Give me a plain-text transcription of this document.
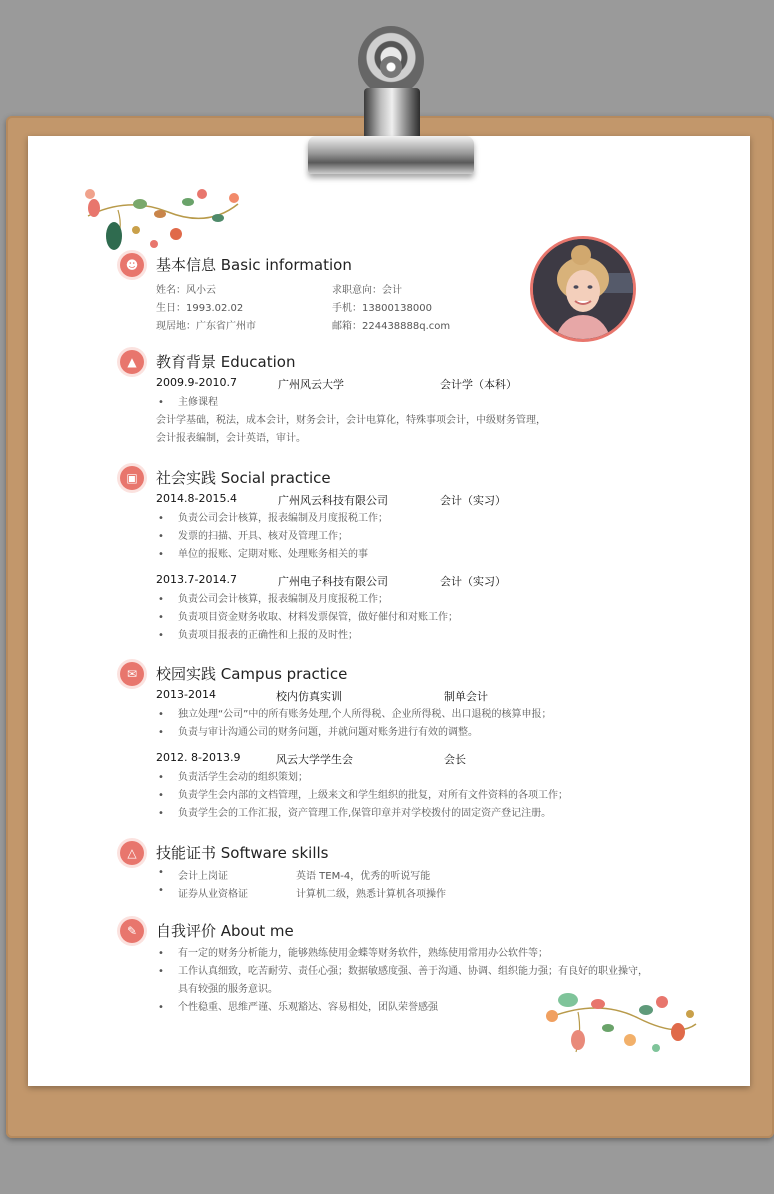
☻	基本信息 Basic information
姓名：风小云	求职意向：会计
生日：1993.02.02	手机：13800138000
现居地：广东省广州市	邮箱：224438888q.com
▲	教育背景 Education
2009.9-2010.7	广州风云大学	会计学（本科）
• 主修课程
会计学基础，税法，成本会计，财务会计，会计电算化，特殊事项会计，中级财务管理，
会计报表编制，会计英语，审计。
▣	社会实践 Social practice
2014.8-2015.4	广州风云科技有限公司	会计（实习）
• 负责公司会计核算，报表编制及月度报税工作；
• 发票的扫描、开具、核对及管理工作；
• 单位的报账、定期对账、处理账务相关的事
2013.7-2014.7	广州电子科技有限公司	会计（实习）
• 负责公司会计核算，报表编制及月度报税工作；
• 负责项目资金财务收取、材料发票保管，做好催付和对账工作；
• 负责项目报表的正确性和上报的及时性；
✉	校园实践 Campus practice
2013-2014	校内仿真实训	制单会计
• 独立处理“公司”中的所有账务处理,个人所得税、企业所得税、出口退税的核算申报；
• 负责与审计沟通公司的财务问题，并就问题对账务进行有效的调整。
2012. 8-2013.9	风云大学学生会	会长
• 负责活学生会动的组织策划；
• 负责学生会内部的文档管理，上级来文和学生组织的批复，对所有文件资料的各项工作；
• 负责学生会的工作汇报，资产管理工作,保管印章并对学校拨付的固定资产登记注册。
△	技能证书 Software skills
• 会计上岗证	英语 TEM-4，优秀的听说写能
• 证券从业资格证	计算机二级，熟悉计算机各项操作
✎	自我评价 About me
• 有一定的财务分析能力，能够熟练使用金蝶等财务软件，熟练使用常用办公软件等；
• 工作认真细致，吃苦耐劳、责任心强；数据敏感度强、善于沟通、协调、组织能力强；有良好的职业操守，
具有较强的服务意识。
• 个性稳重、思维严谨、乐观豁达、容易相处，团队荣誉感强
